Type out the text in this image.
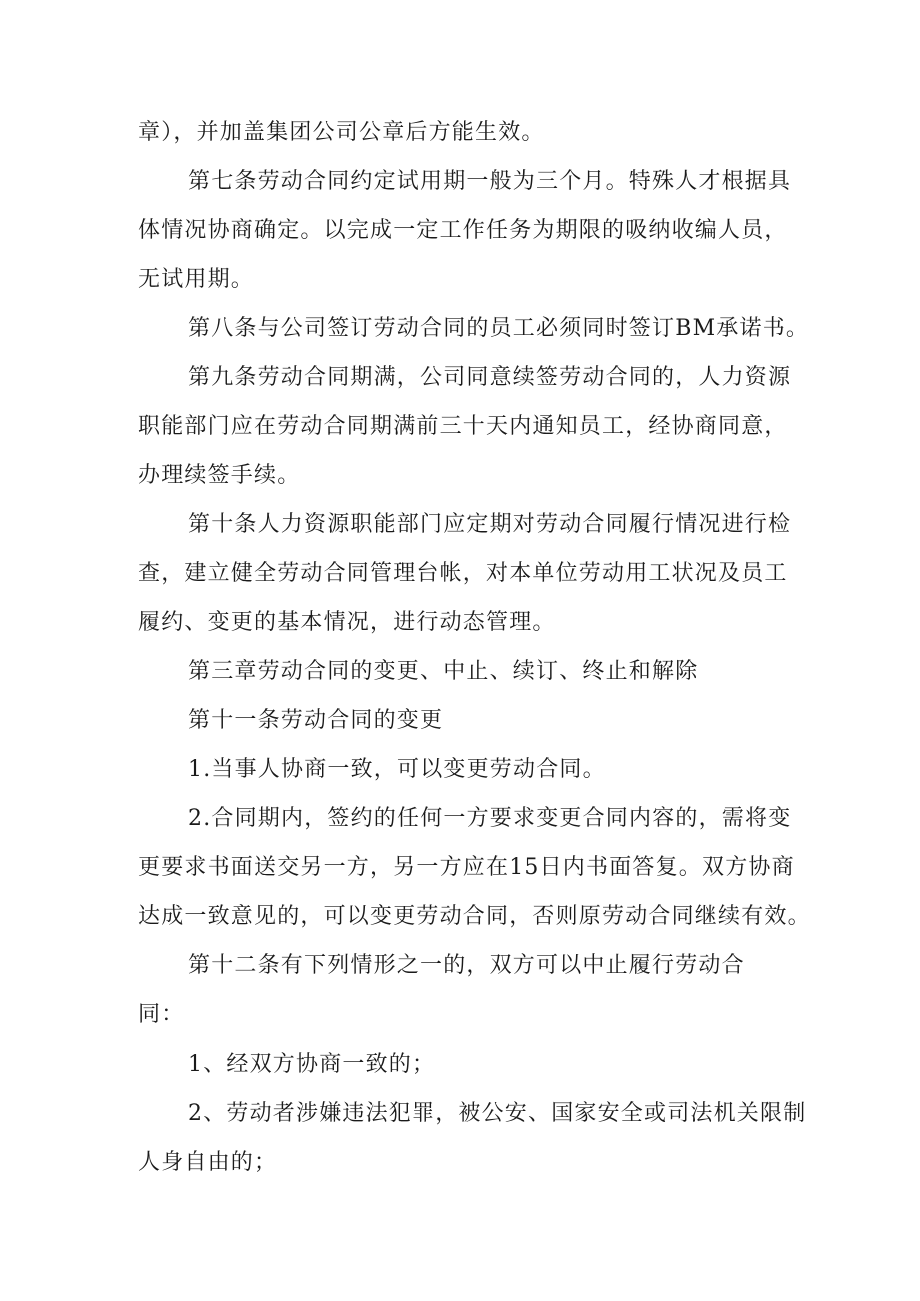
章），并加盖集团公司公章后方能生效。
第七条劳动合同约定试用期一般为三个月。特殊人才根据具
体情况协商确定。以完成一定工作任务为期限的吸纳收编人员，
无试用期。
第八条与公司签订劳动合同的员工必须同时签订BM承诺书。
第九条劳动合同期满，公司同意续签劳动合同的，人力资源
职能部门应在劳动合同期满前三十天内通知员工，经协商同意，
办理续签手续。
第十条人力资源职能部门应定期对劳动合同履行情况进行检
查，建立健全劳动合同管理台帐，对本单位劳动用工状况及员工
履约、变更的基本情况，进行动态管理。
第三章劳动合同的变更、中止、续订、终止和解除
第十一条劳动合同的变更
1.当事人协商一致，可以变更劳动合同。
2.合同期内，签约的任何一方要求变更合同内容的，需将变
更要求书面送交另一方，另一方应在15日内书面答复。双方协商
达成一致意见的，可以变更劳动合同，否则原劳动合同继续有效。
第十二条有下列情形之一的，双方可以中止履行劳动合
同：
1、经双方协商一致的；
2、劳动者涉嫌违法犯罪，被公安、国家安全或司法机关限制
人身自由的；
